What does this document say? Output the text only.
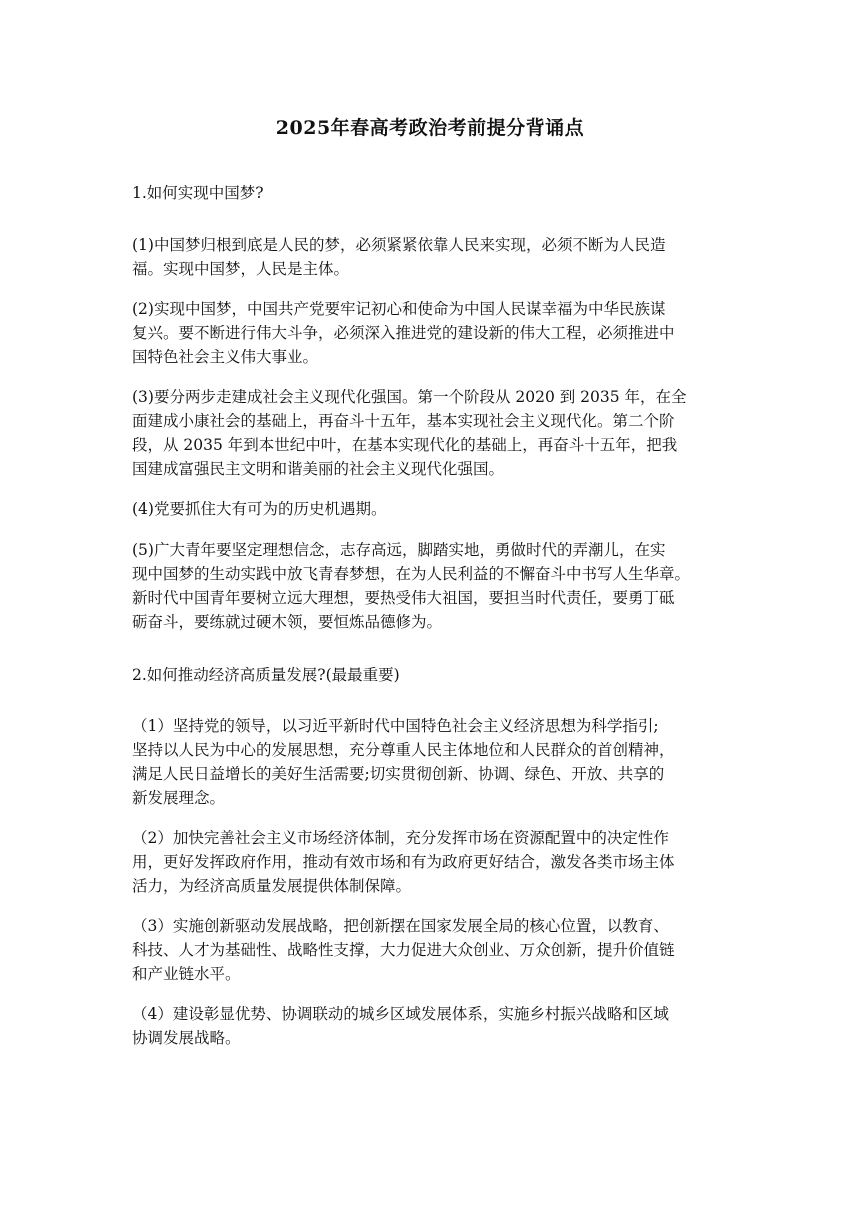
2025年春高考政治考前提分背诵点
1.如何实现中国梦?
(1)中国梦归根到底是人民的梦，必须紧紧依靠人民来实现，必须不断为人民造
福。实现中国梦，人民是主体。
(2)实现中国梦，中国共产党要牢记初心和使命为中国人民谋幸福为中华民族谋
复兴。要不断进行伟大斗争，必须深入推进党的建设新的伟大工程，必须推进中
国特色社会主义伟大事业。
(3)要分两步走建成社会主义现代化强国。第一个阶段从 2020 到 2035 年，在全
面建成小康社会的基础上，再奋斗十五年，基本实现社会主义现代化。第二个阶
段，从 2035 年到本世纪中叶，在基本实现代化的基础上，再奋斗十五年，把我
国建成富强民主文明和谐美丽的社会主义现代化强国。
(4)党要抓住大有可为的历史机遇期。
(5)广大青年要坚定理想信念，志存高远，脚踏实地，勇做时代的弄潮儿，在实
现中国梦的生动实践中放飞青春梦想，在为人民利益的不懈奋斗中书写人生华章。
新时代中国青年要树立远大理想，要热受伟大祖国，要担当时代责任，要勇丁砥
砺奋斗，要练就过硬木领，要恒炼品德修为。
2.如何推动经济高质量发展?(最最重要)
（1）坚持党的领导，以习近平新时代中国特色社会主义经济思想为科学指引;
坚持以人民为中心的发展思想，充分尊重人民主体地位和人民群众的首创精神，
满足人民日益增长的美好生活需要;切实贯彻创新、协调、绿色、开放、共享的
新发展理念。
（2）加快完善社会主义市场经济体制，充分发挥市场在资源配置中的决定性作
用，更好发挥政府作用，推动有效市场和有为政府更好结合，激发各类市场主体
活力，为经济高质量发展提供体制保障。
（3）实施创新驱动发展战略，把创新摆在国家发展全局的核心位置，以教育、
科技、人才为基础性、战略性支撑，大力促进大众创业、万众创新，提升价值链
和产业链水平。
（4）建设彰显优势、协调联动的城乡区域发展体系，实施乡村振兴战略和区域
协调发展战略。
